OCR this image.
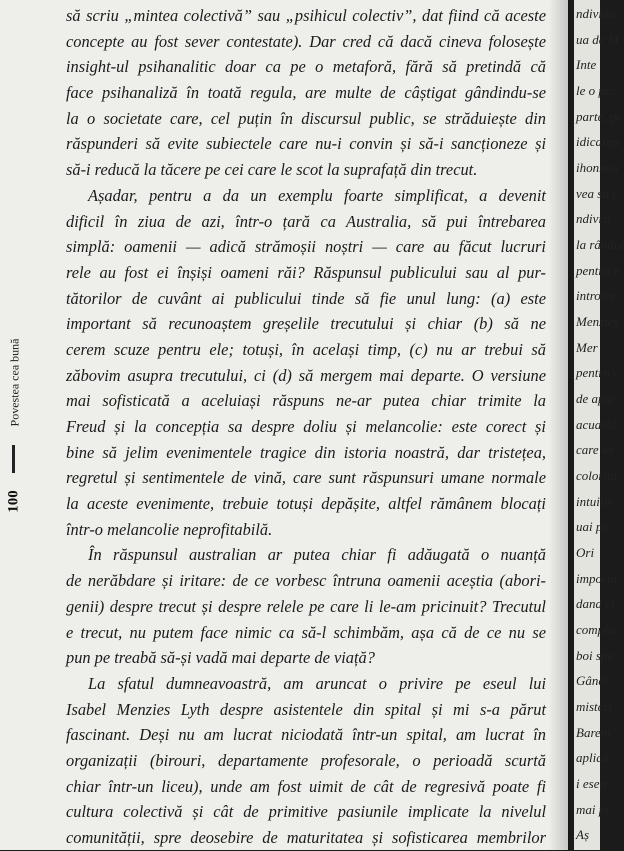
Povestea cea bună
100
să scriu „mintea colectivă” sau „psihicul colectiv”, dat fiind că aceste
concepte au fost sever contestate). Dar cred că dacă cineva folosește
insight-ul psihanalitic doar ca pe o metaforă, fără să pretindă că
face psihanaliză în toată regula, are multe de câștigat gândindu-se
la o societate care, cel puțin în discursul public, se străduiește din
răspunderi să evite subiectele care nu-i convin și să-i sancționeze și
să-i reducă la tăcere pe cei care le scot la suprafață din trecut.
Așadar, pentru a da un exemplu foarte simplificat, a devenit
dificil în ziua de azi, într-o țară ca Australia, să pui întrebarea
simplă: oamenii — adică strămoșii noștri — care au făcut lucruri
rele au fost ei înșiși oameni răi? Răspunsul publicului sau al pur-
tătorilor de cuvânt ai publicului tinde să fie unul lung: (a) este
important să recunoaștem greșelile trecutului și chiar (b) să ne
cerem scuze pentru ele; totuși, în același timp, (c) nu ar trebui să
zăbovim asupra trecutului, ci (d) să mergem mai departe. O versiune
mai sofisticată a aceluiași răspuns ne-ar putea chiar trimite la
Freud și la concepția sa despre doliu și melancolie: este corect și
bine să jelim evenimentele tragice din istoria noastră, dar tristețea,
regretul și sentimentele de vină, care sunt răspunsuri umane normale
la aceste evenimente, trebuie totuși depășite, altfel rămânem blocați
într-o melancolie neprofitabilă.
În răspunsul australian ar putea chiar fi adăugată o nuanță
de nerăbdare și iritare: de ce vorbesc întruna oamenii aceștia (abori-
genii) despre trecut și despre relele pe care li le-am pricinuit? Trecutul
e trecut, nu putem face nimic ca să-l schimbăm, așa că de ce nu se
pun pe treabă să-și vadă mai departe de viață?
La sfatul dumneavoastră, am aruncat o privire pe eseul lui
Isabel Menzies Lyth despre asistentele din spital și mi s-a părut
fascinant. Deși nu am lucrat niciodată într-un spital, am lucrat în
organizații (birouri, departamente profesorale, o perioadă scurtă
chiar într-un liceu), unde am fost uimit de cât de regresivă poate fi
cultura colectivă și cât de primitive pasiunile implicate la nivelul
comunității, spre deosebire de maturitatea și sofisticarea membrilor
ndividu
ua de M
Inte
le o par
parte, pe
idicarea
ihonnea
vea să i
ndivizi
la rândul
pentru n
introiec
Menzies
Mer
pentru c
de apăr
acuastă
care să
colorlal
intuitiv
uai ps
Ori
importa
dand ci
complic
boi spu
Gândi
misteri
Barem
aplică
i esen
mai pr
Aș
